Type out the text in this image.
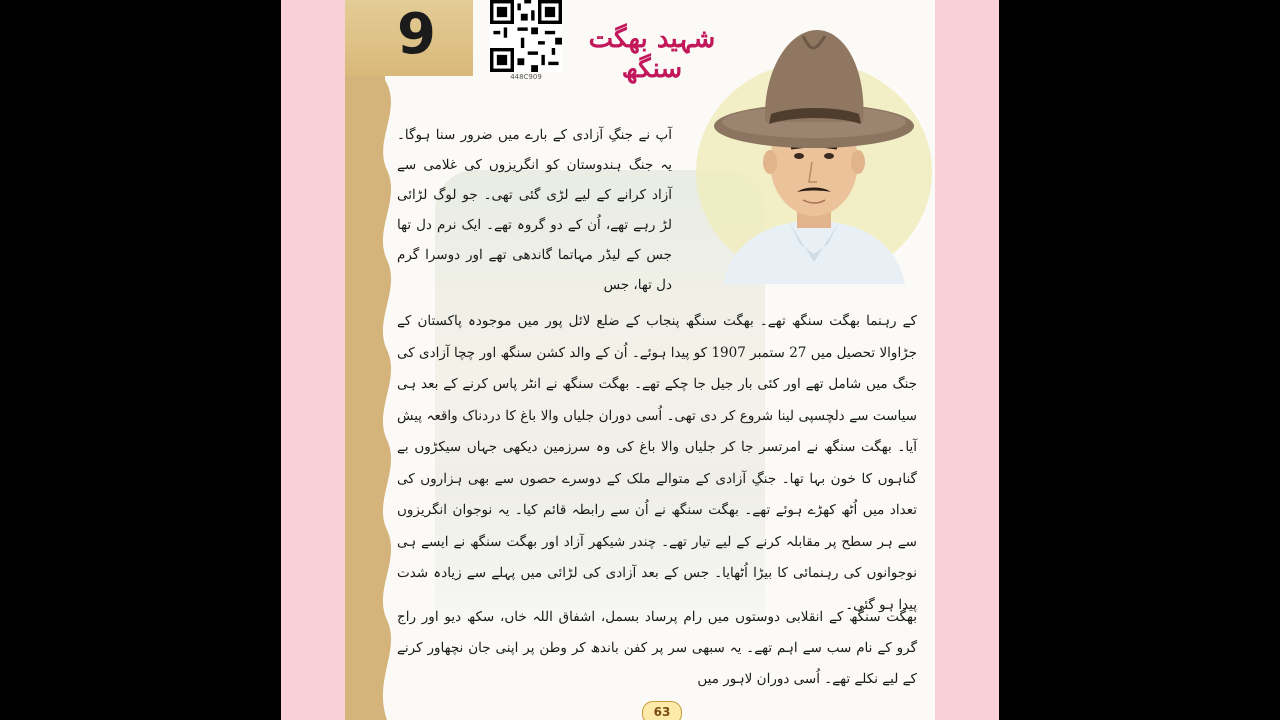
9
448C909
شہید بھگت سنگھ
آپ نے جنگِ آزادی کے بارے میں ضرور سنا ہوگا۔ یہ جنگ ہندوستان کو انگریزوں کی غلامی سے آزاد کرانے کے لیے لڑی گئی تھی۔ جو لوگ لڑائی لڑ رہے تھے، اُن کے دو گروہ تھے۔ ایک نرم دل تھا جس کے لیڈر مہاتما گاندھی تھے اور دوسرا گرم دل تھا، جس
کے رہنما بھگت سنگھ تھے۔ بھگت سنگھ پنجاب کے ضلع لائل پور میں موجودہ پاکستان کے جڑاوالا تحصیل میں 27 ستمبر 1907 کو پیدا ہوئے۔ اُن کے والد کشن سنگھ اور چچا آزادی کی جنگ میں شامل تھے اور کئی بار جیل جا چکے تھے۔ بھگت سنگھ نے انٹر پاس کرنے کے بعد ہی سیاست سے دلچسپی لینا شروع کر دی تھی۔ اُسی دوران جلیاں والا باغ کا دردناک واقعہ پیش آیا۔ بھگت سنگھ نے امرتسر جا کر جلیاں والا باغ کی وہ سرزمین دیکھی جہاں سیکڑوں بے گناہوں کا خون بہا تھا۔ جنگِ آزادی کے متوالے ملک کے دوسرے حصوں سے بھی ہزاروں کی تعداد میں اُٹھ کھڑے ہوئے تھے۔ بھگت سنگھ نے اُن سے رابطہ قائم کیا۔ یہ نوجوان انگریزوں سے ہر سطح پر مقابلہ کرنے کے لیے تیار تھے۔ چندر شیکھر آزاد اور بھگت سنگھ نے ایسے ہی نوجوانوں کی رہنمائی کا بیڑا اُٹھایا۔ جس کے بعد آزادی کی لڑائی میں پہلے سے زیادہ شدت پیدا ہو گئی۔
بھگت سنگھ کے انقلابی دوستوں میں رام پرساد بسمل، اشفاق اللہ خاں، سکھ دیو اور راج گرو کے نام سب سے اہم تھے۔ یہ سبھی سر پر کفن باندھ کر وطن پر اپنی جان نچھاور کرنے کے لیے نکلے تھے۔ اُسی دوران لاہور میں
63
